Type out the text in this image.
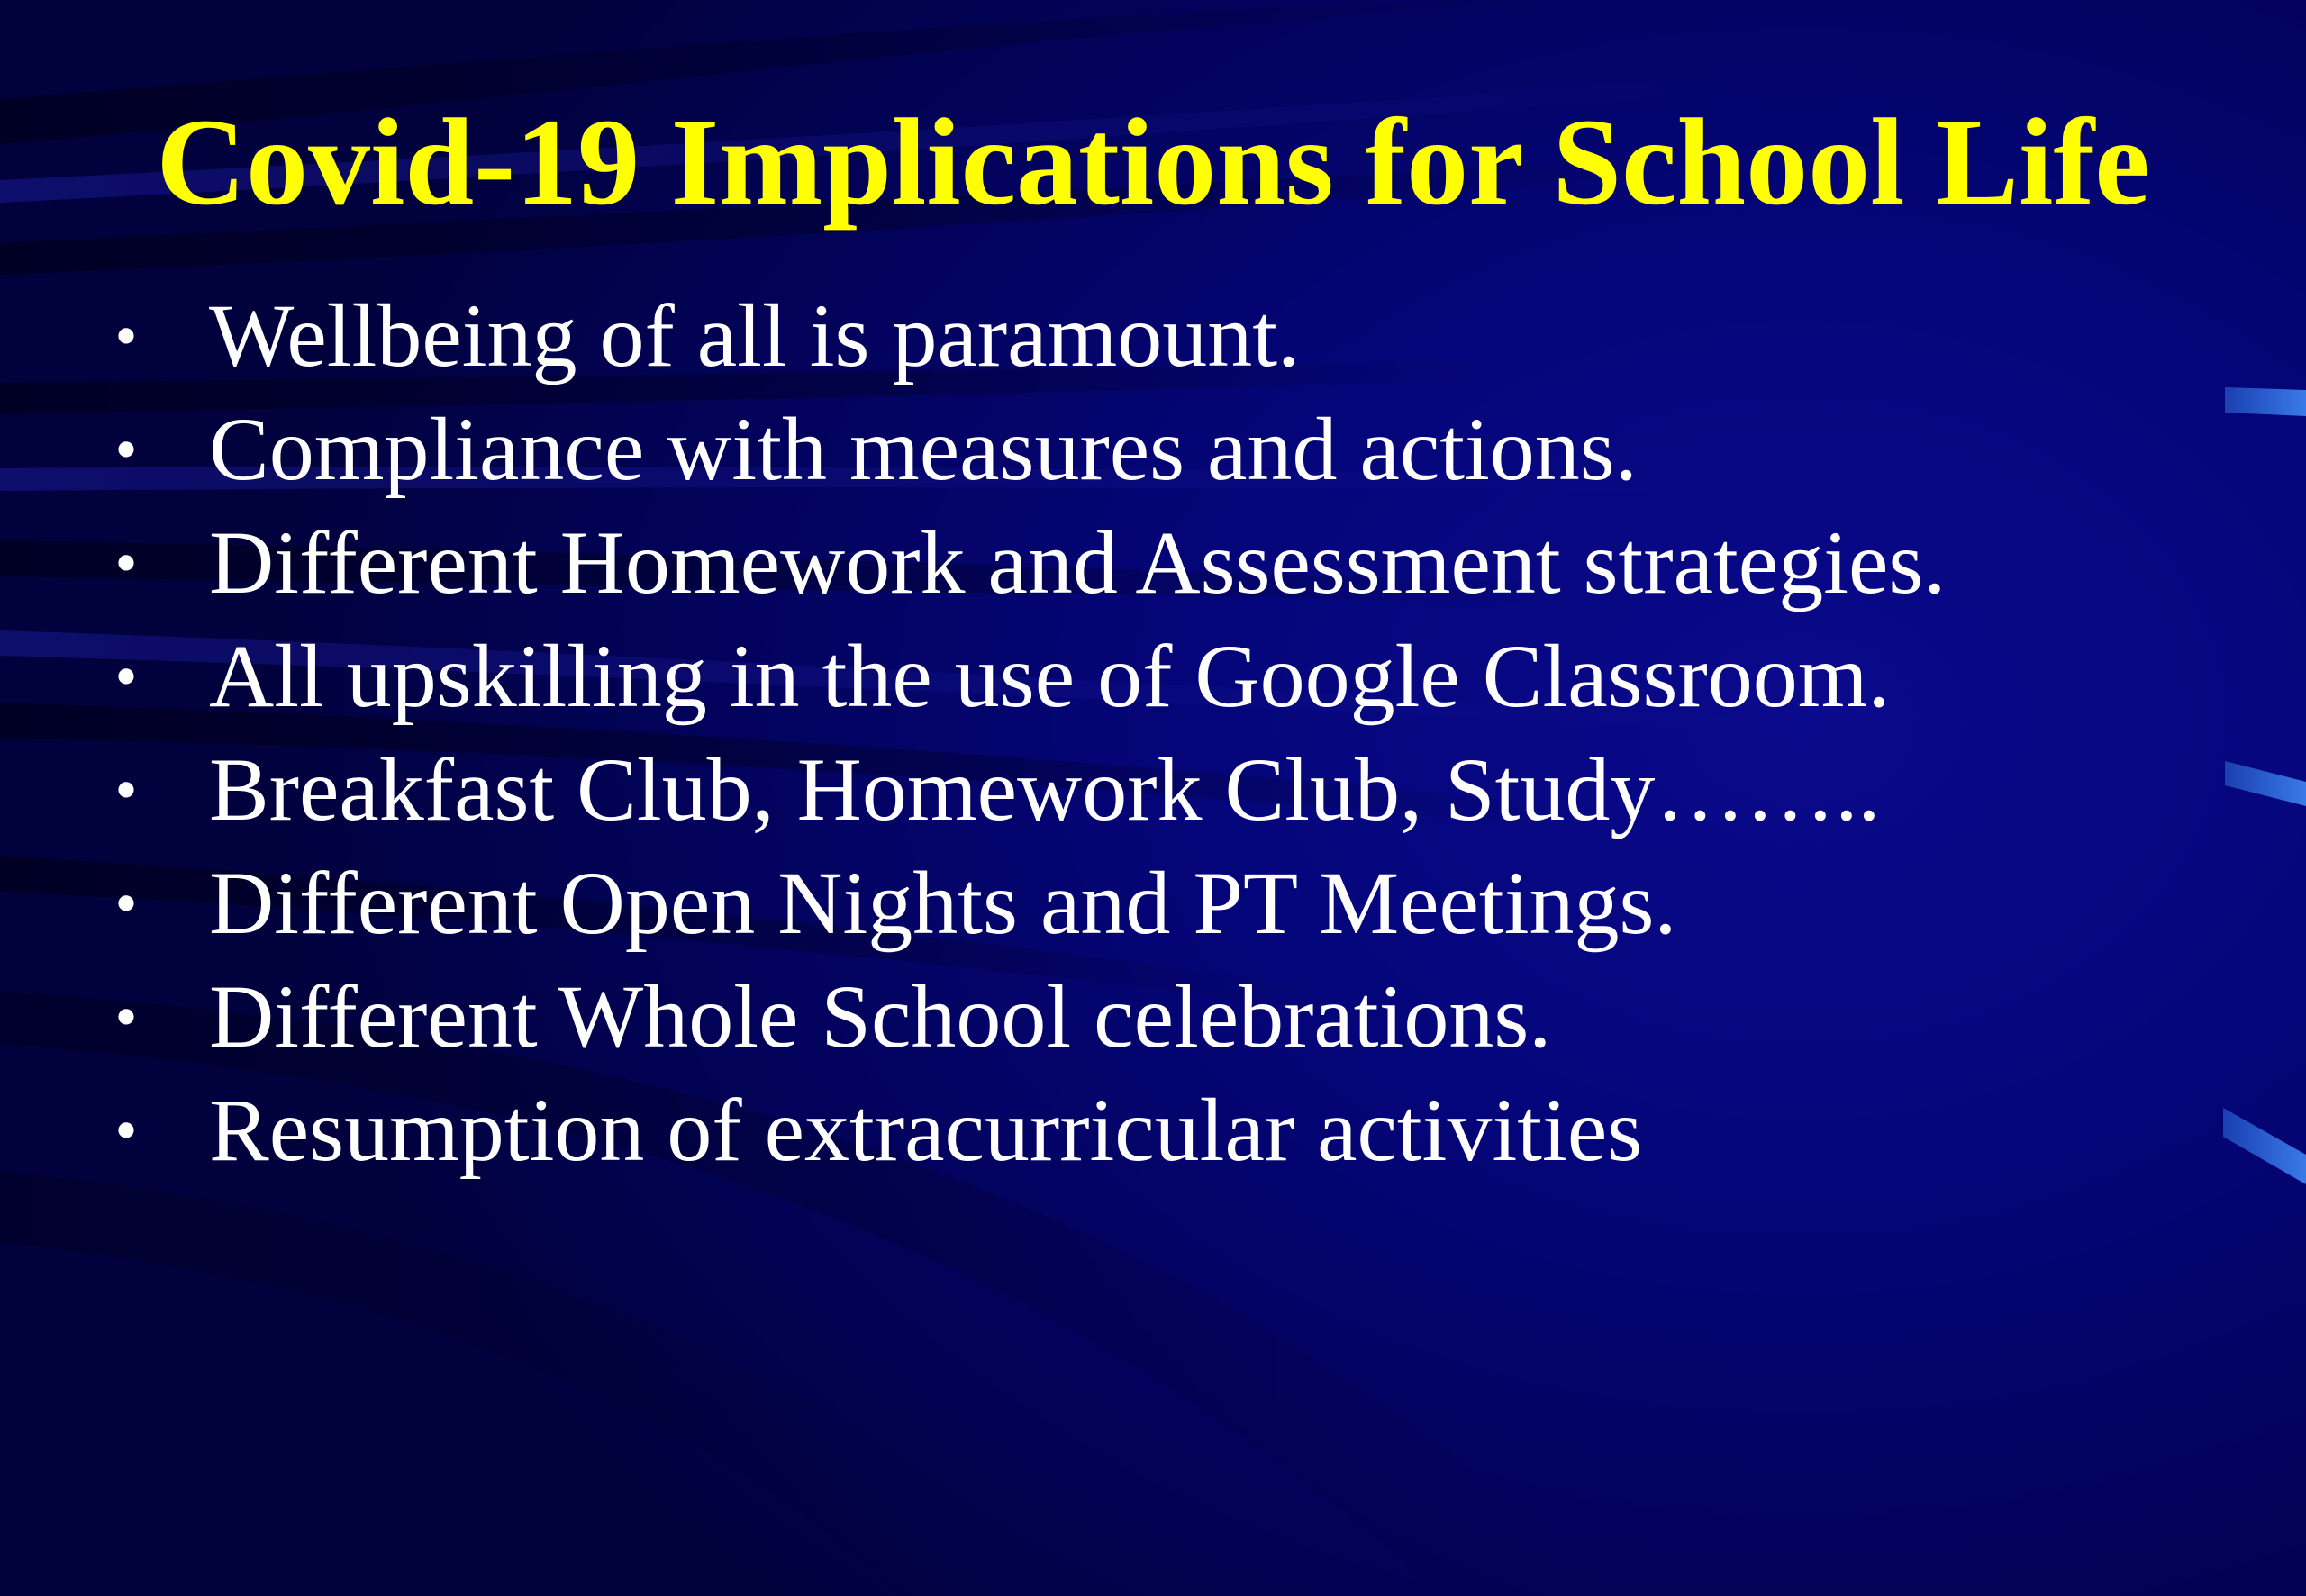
Covid-19 Implications for School Life
• Wellbeing of all is paramount.
• Compliance with measures and actions.
• Different Homework and Assessment strategies.
• All upskilling in the use of Google Classroom.
• Breakfast Club, Homework Club, Study……..
• Different Open Nights and PT Meetings.
• Different Whole School celebrations.
• Resumption of extracurricular activities
